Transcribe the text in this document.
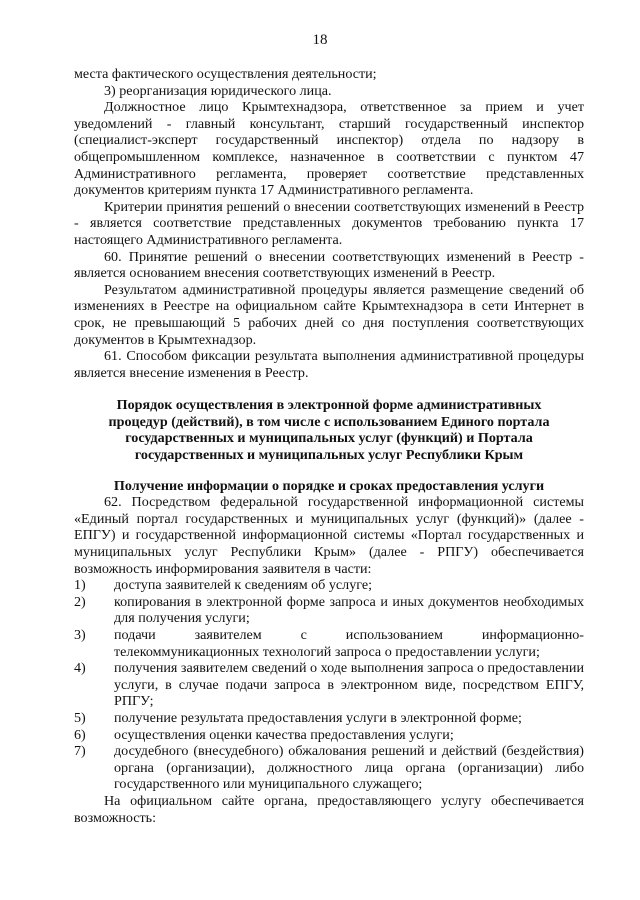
18

места фактического осуществления деятельности;

3) реорганизация юридического лица.

Должностное лицо Крымтехнадзора, ответственное за прием и учет уведомлений - главный консультант, старший государственный инспектор (специалист-эксперт государственный инспектор) отдела по надзору в общепромышленном комплексе, назначенное в соответствии с пунктом 47 Административного регламента, проверяет соответствие представленных документов критериям пункта 17 Административного регламента.

Критерии принятия решений о внесении соответствующих изменений в Реестр - является соответствие представленных документов требованию пункта 17 настоящего Административного регламента.

60. Принятие решений о внесении соответствующих изменений в Реестр - является основанием внесения соответствующих изменений в Реестр.

Результатом административной процедуры является размещение сведений об изменениях в Реестре на официальном сайте Крымтехнадзора в сети Интернет в срок, не превышающий 5 рабочих дней со дня поступления соответствующих документов в Крымтехнадзор.

61. Способом фиксации результата выполнения административной процедуры является внесение изменения в Реестр.

Порядок осуществления в электронной форме административных процедур (действий), в том числе с использованием Единого портала государственных и муниципальных услуг (функций) и Портала государственных и муниципальных услуг Республики Крым

Получение информации о порядке и сроках предоставления услуги

62. Посредством федеральной государственной информационной системы «Единый портал государственных и муниципальных услуг (функций)» (далее - ЕПГУ) и государственной информационной системы «Портал государственных и муниципальных услуг Республики Крым» (далее - РПГУ) обеспечивается возможность информирования заявителя в части:

1)	доступа заявителей к сведениям об услуге;
2)	копирования в электронной форме запроса и иных документов необходимых для получения услуги;
3)	подачи заявителем с использованием информационно-телекоммуникационных технологий запроса о предоставлении услуги;
4)	получения заявителем сведений о ходе выполнения запроса о предоставлении услуги, в случае подачи запроса в электронном виде, посредством ЕПГУ, РПГУ;
5)	получение результата предоставления услуги в электронной форме;
6)	осуществления оценки качества предоставления услуги;
7)	досудебного (внесудебного) обжалования решений и действий (бездействия) органа (организации), должностного лица органа (организации) либо государственного или муниципального служащего;

На официальном сайте органа, предоставляющего услугу обеспечивается возможность:
